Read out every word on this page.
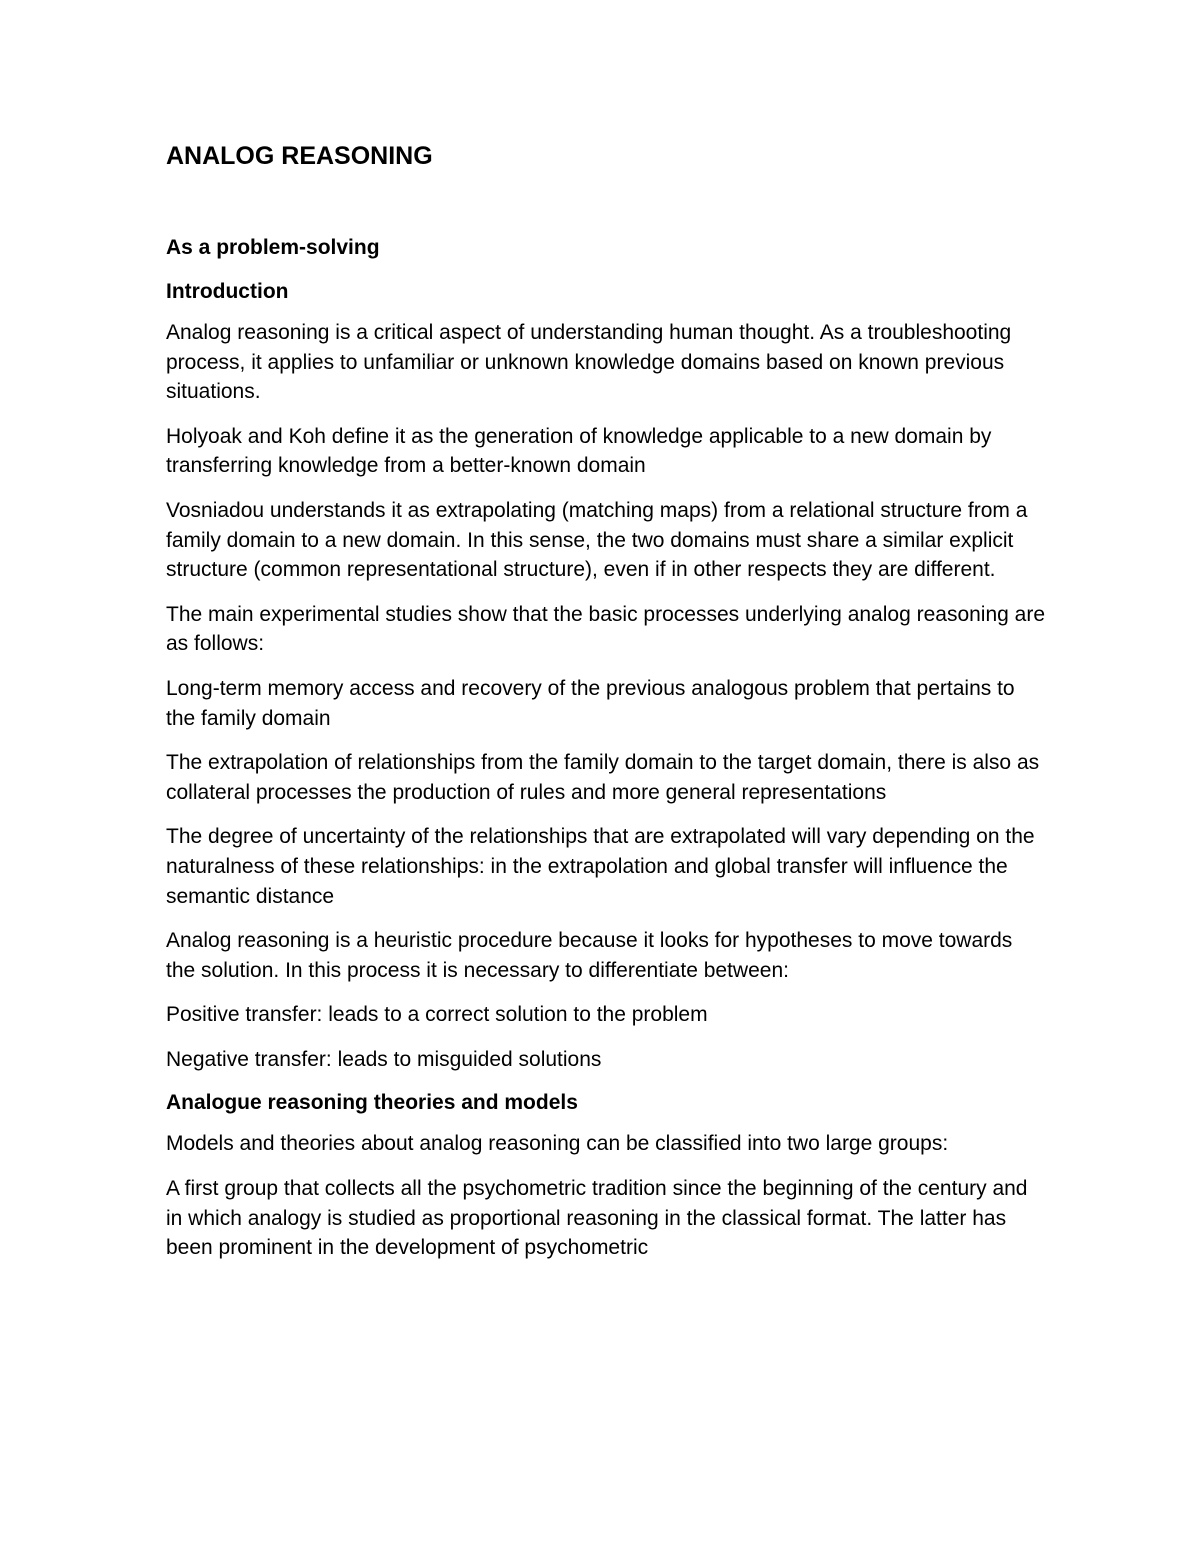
ANALOG REASONING
As a problem-solving
Introduction

Analog reasoning is a critical aspect of understanding human thought. As a troubleshooting process, it applies to unfamiliar or unknown knowledge domains based on known previous situations.

Holyoak and Koh define it as the generation of knowledge applicable to a new domain by transferring knowledge from a better-known domain

Vosniadou understands it as extrapolating (matching maps) from a relational structure from a family domain to a new domain. In this sense, the two domains must share a similar explicit structure (common representational structure), even if in other respects they are different.

The main experimental studies show that the basic processes underlying analog reasoning are as follows:

Long-term memory access and recovery of the previous analogous problem that pertains to the family domain

The extrapolation of relationships from the family domain to the target domain, there is also as collateral processes the production of rules and more general representations

The degree of uncertainty of the relationships that are extrapolated will vary depending on the naturalness of these relationships: in the extrapolation and global transfer will influence the semantic distance

Analog reasoning is a heuristic procedure because it looks for hypotheses to move towards the solution. In this process it is necessary to differentiate between:

Positive transfer: leads to a correct solution to the problem

Negative transfer: leads to misguided solutions

Analogue reasoning theories and models

Models and theories about analog reasoning can be classified into two large groups:

A first group that collects all the psychometric tradition since the beginning of the century and in which analogy is studied as proportional reasoning in the classical format. The latter has been prominent in the development of psychometric
